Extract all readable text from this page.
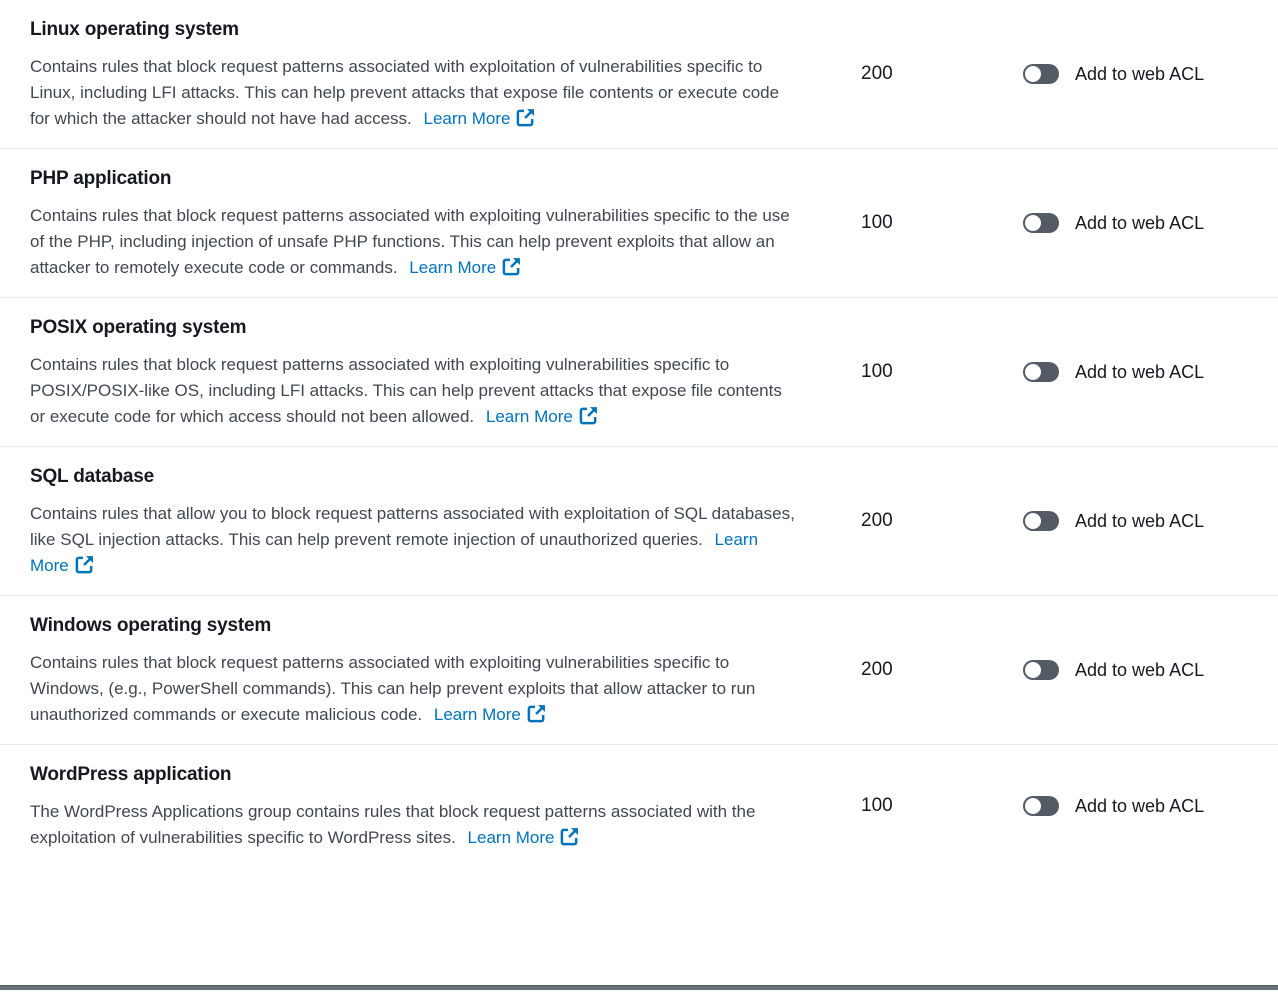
Linux operating system

Contains rules that block request patterns associated with exploitation of vulnerabilities specific to Linux, including LFI attacks. This can help prevent attacks that expose file contents or execute code for which the attacker should not have had access. Learn More

200	Add to web ACL
PHP application

Contains rules that block request patterns associated with exploiting vulnerabilities specific to the use of the PHP, including injection of unsafe PHP functions. This can help prevent exploits that allow an attacker to remotely execute code or commands. Learn More

100	Add to web ACL
POSIX operating system

Contains rules that block request patterns associated with exploiting vulnerabilities specific to POSIX/POSIX-like OS, including LFI attacks. This can help prevent attacks that expose file contents or execute code for which access should not been allowed. Learn More

100	Add to web ACL
SQL database

Contains rules that allow you to block request patterns associated with exploitation of SQL databases, like SQL injection attacks. This can help prevent remote injection of unauthorized queries. Learn More

200	Add to web ACL
Windows operating system

Contains rules that block request patterns associated with exploiting vulnerabilities specific to Windows, (e.g., PowerShell commands). This can help prevent exploits that allow attacker to run unauthorized commands or execute malicious code. Learn More

200	Add to web ACL
WordPress application

The WordPress Applications group contains rules that block request patterns associated with the exploitation of vulnerabilities specific to WordPress sites. Learn More

100	Add to web ACL
